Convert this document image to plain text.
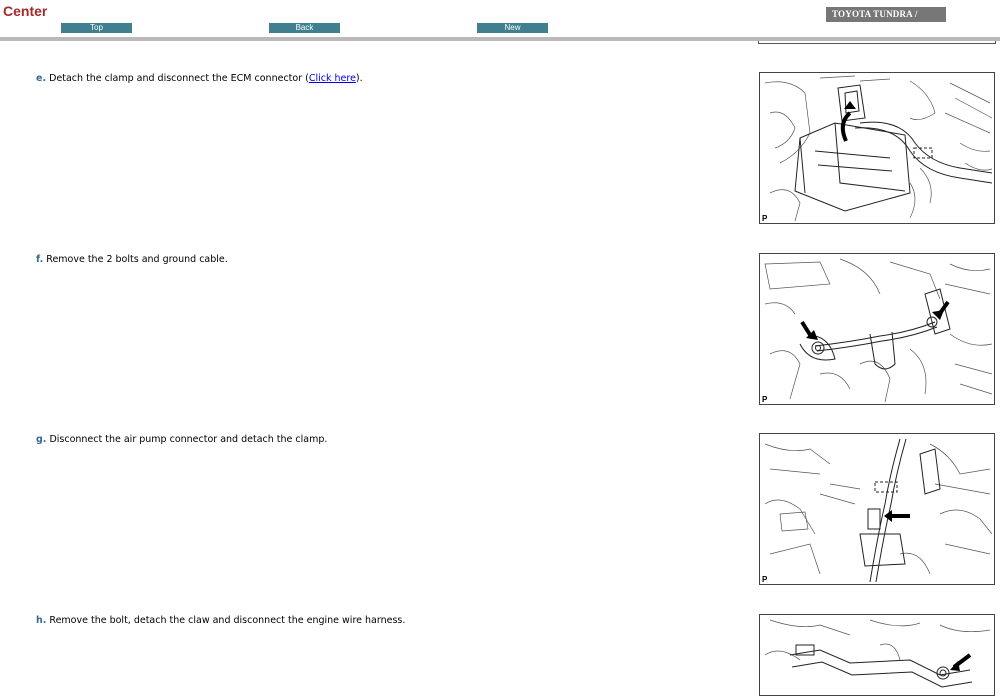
Center
Top	Back	New
TOYOTA TUNDRA /
e. Detach the clamp and disconnect the ECM connector (Click here).
P
f. Remove the 2 bolts and ground cable.
P
g. Disconnect the air pump connector and detach the clamp.
P
h. Remove the bolt, detach the claw and disconnect the engine wire harness.
